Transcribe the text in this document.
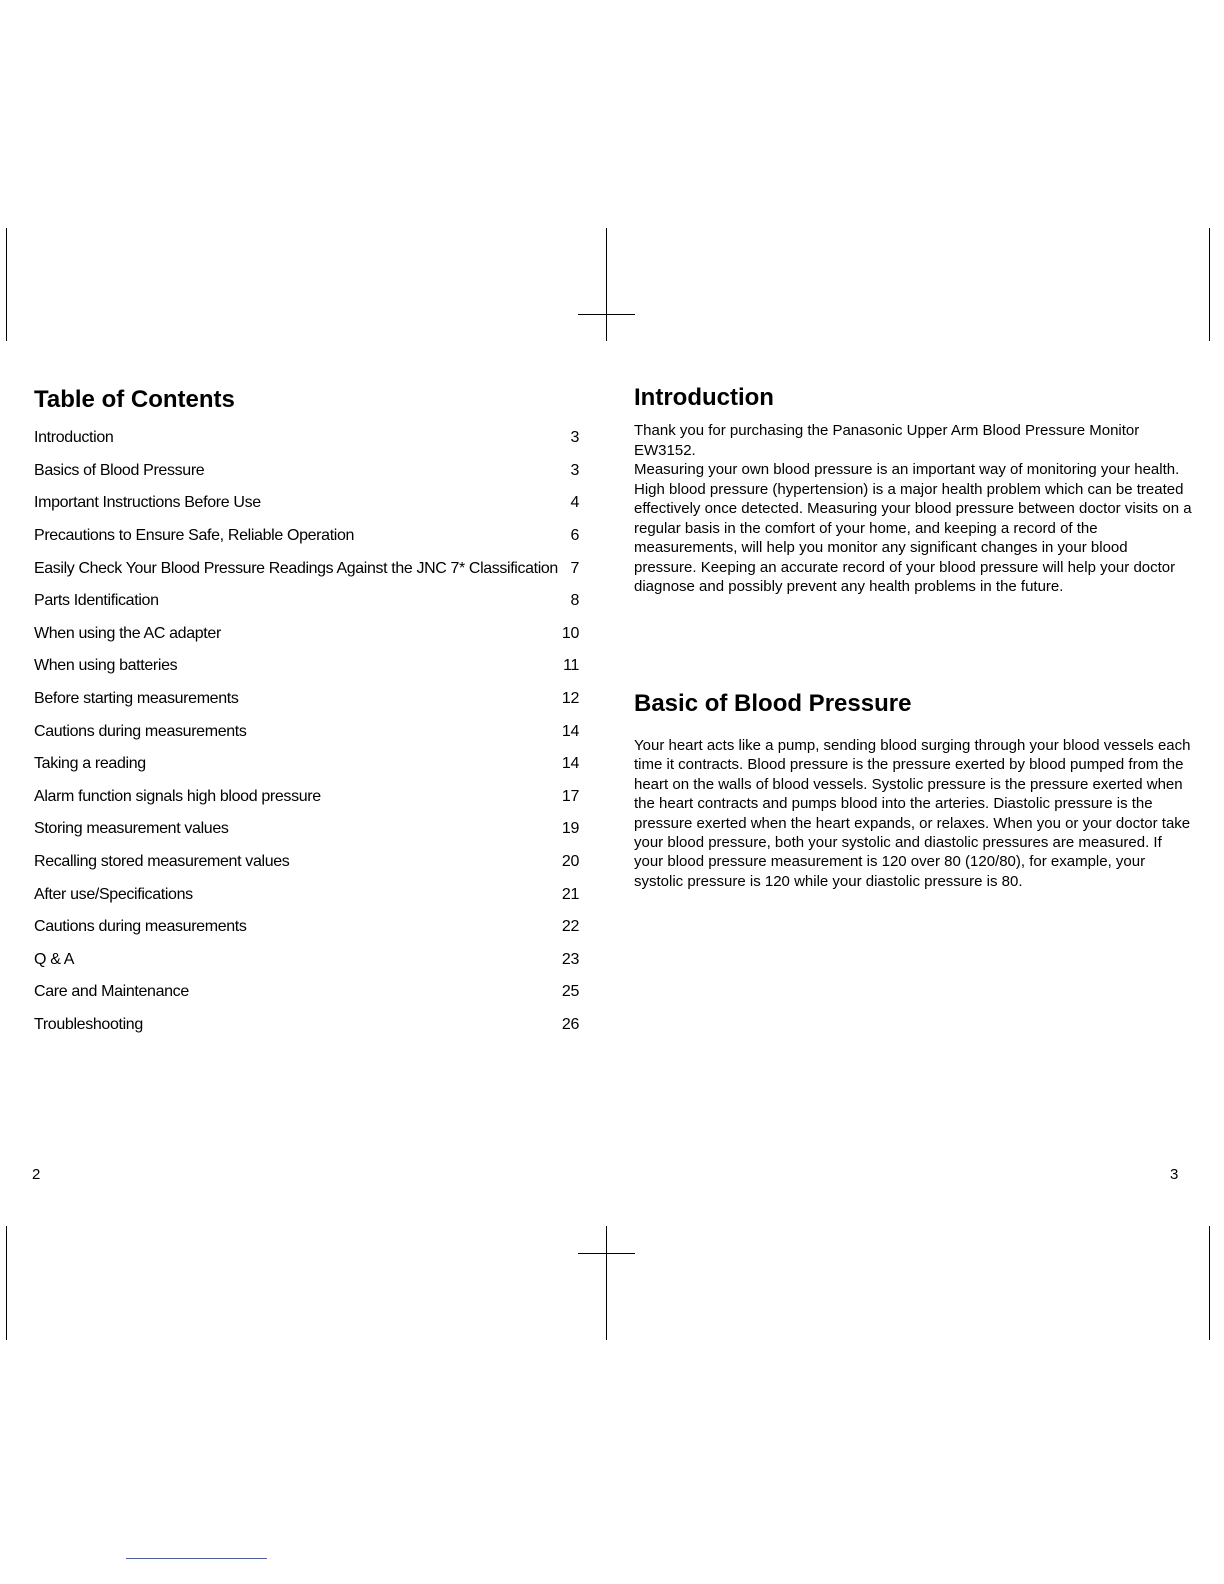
Table of Contents
Introduction	3
Basics of Blood Pressure	3
Important Instructions Before Use	4
Precautions to Ensure Safe, Reliable Operation	6
Easily Check Your Blood Pressure Readings Against the JNC 7* Classification 7
Parts Identification	8
When using the AC adapter	10
When using batteries	11
Before starting measurements	12
Cautions during measurements	14
Taking a reading	14
Alarm function signals high blood pressure	17
Storing measurement values	19
Recalling stored measurement values	20
After use/Specifications	21
Cautions during measurements	22
Q & A	23
Care and Maintenance	25
Troubleshooting	26
Introduction

Thank you for purchasing the Panasonic Upper Arm Blood Pressure Monitor EW3152.
Measuring your own blood pressure is an important way of monitoring your health. High blood pressure (hypertension) is a major health problem which can be treated effectively once detected. Measuring your blood pressure between doctor visits on a regular basis in the comfort of your home, and keeping a record of the measurements, will help you monitor any significant changes in your blood pressure. Keeping an accurate record of your blood pressure will help your doctor diagnose and possibly prevent any health problems in the future.

Basic of Blood Pressure

Your heart acts like a pump, sending blood surging through your blood vessels each time it contracts. Blood pressure is the pressure exerted by blood pumped from the heart on the walls of blood vessels. Systolic pressure is the pressure exerted when the heart contracts and pumps blood into the arteries. Diastolic pressure is the pressure exerted when the heart expands, or relaxes. When you or your doctor take your blood pressure, both your systolic and diastolic pressures are measured. If your blood pressure measurement is 120 over 80 (120/80), for example, your systolic pressure is 120 while your diastolic pressure is 80.

2	3
